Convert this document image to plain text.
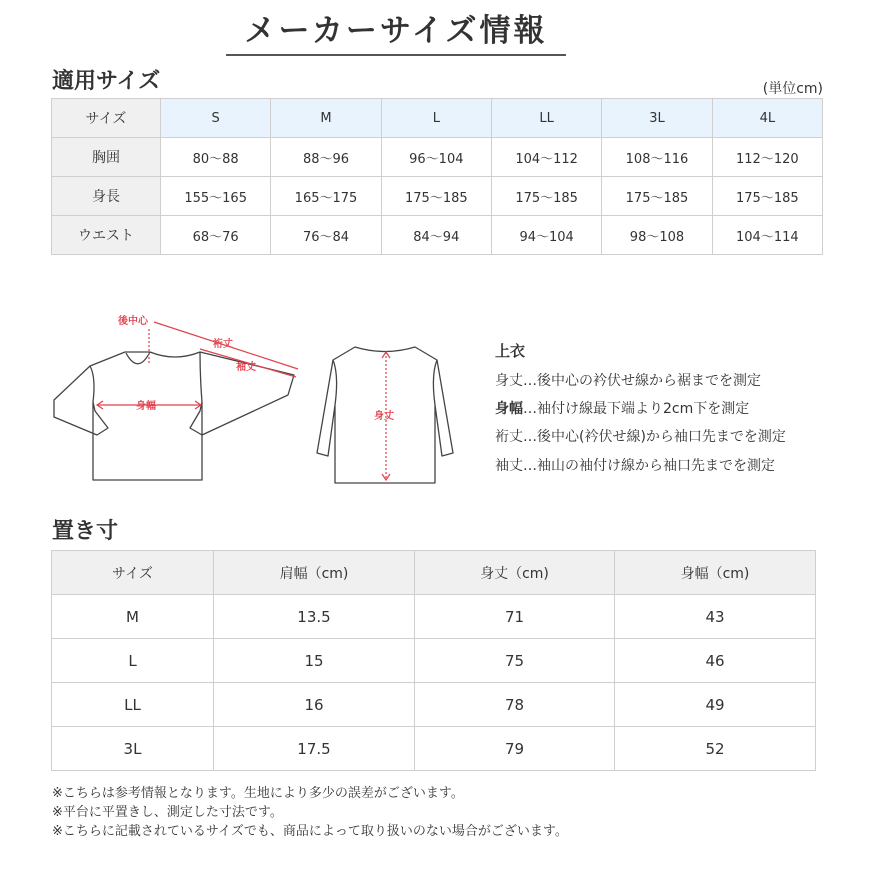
メーカーサイズ情報
適用サイズ	(単位cm)
サイズ	S	M	L	LL	3L	4L
胸囲	80～88	88～96	96～104	104～112	108～116	112～120
身長	155～165	165～175	175～185	175～185	175～185	175～185
ウエスト	68～76	76～84	84～94	94～104	98～108	104～114
後中心
裄丈
袖丈
身幅
身丈
上衣
身丈…後中心の衿伏せ線から裾までを測定
身幅…袖付け線最下端より2cm下を測定
裄丈…後中心(衿伏せ線)から袖口先までを測定
袖丈…袖山の袖付け線から袖口先までを測定
置き寸
サイズ	肩幅（cm)	身丈（cm)	身幅（cm)
M	13.5	71	43
L	15	75	46
LL	16	78	49
3L	17.5	79	52
※こちらは参考情報となります。生地により多少の誤差がございます。
※平台に平置きし、測定した寸法です。
※こちらに記載されているサイズでも、商品によって取り扱いのない場合がございます。
